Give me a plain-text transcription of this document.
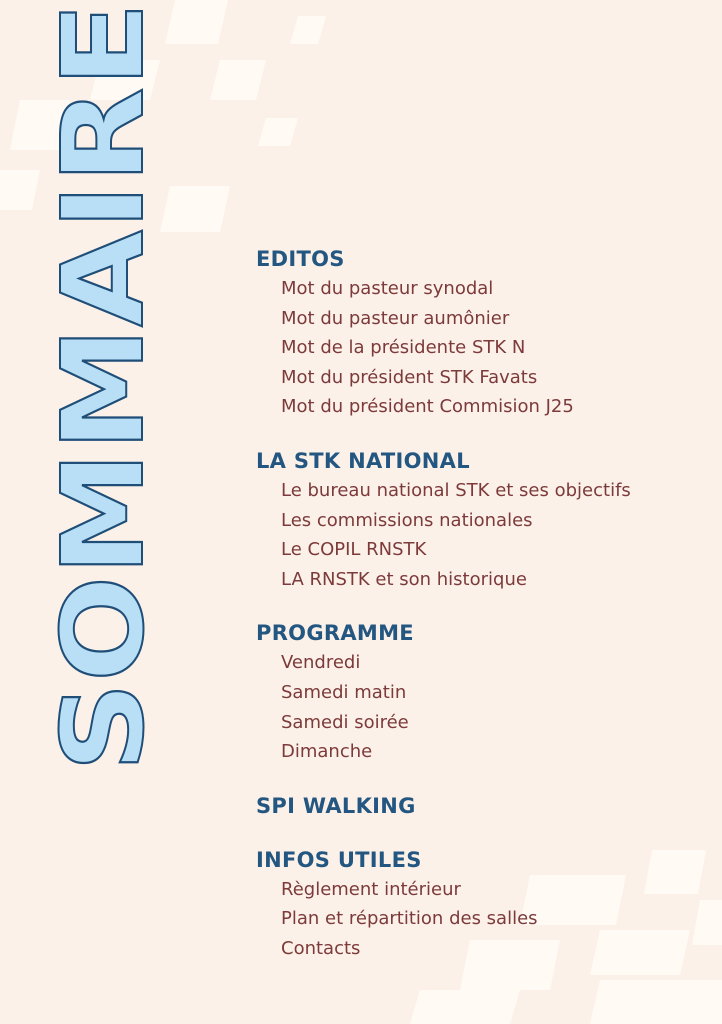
SOMMAIRE	EDITOS
Mot du pasteur synodal
Mot du pasteur aumônier
Mot de la présidente STK N
Mot du président STK Favats
Mot du président Commision J25
LA STK NATIONAL
Le bureau national STK et ses objectifs
Les commissions nationales
Le COPIL RNSTK
LA RNSTK et son historique
PROGRAMME
Vendredi
Samedi matin
Samedi soirée
Dimanche
SPI WALKING
INFOS UTILES
Règlement intérieur
Plan et répartition des salles
Contacts
